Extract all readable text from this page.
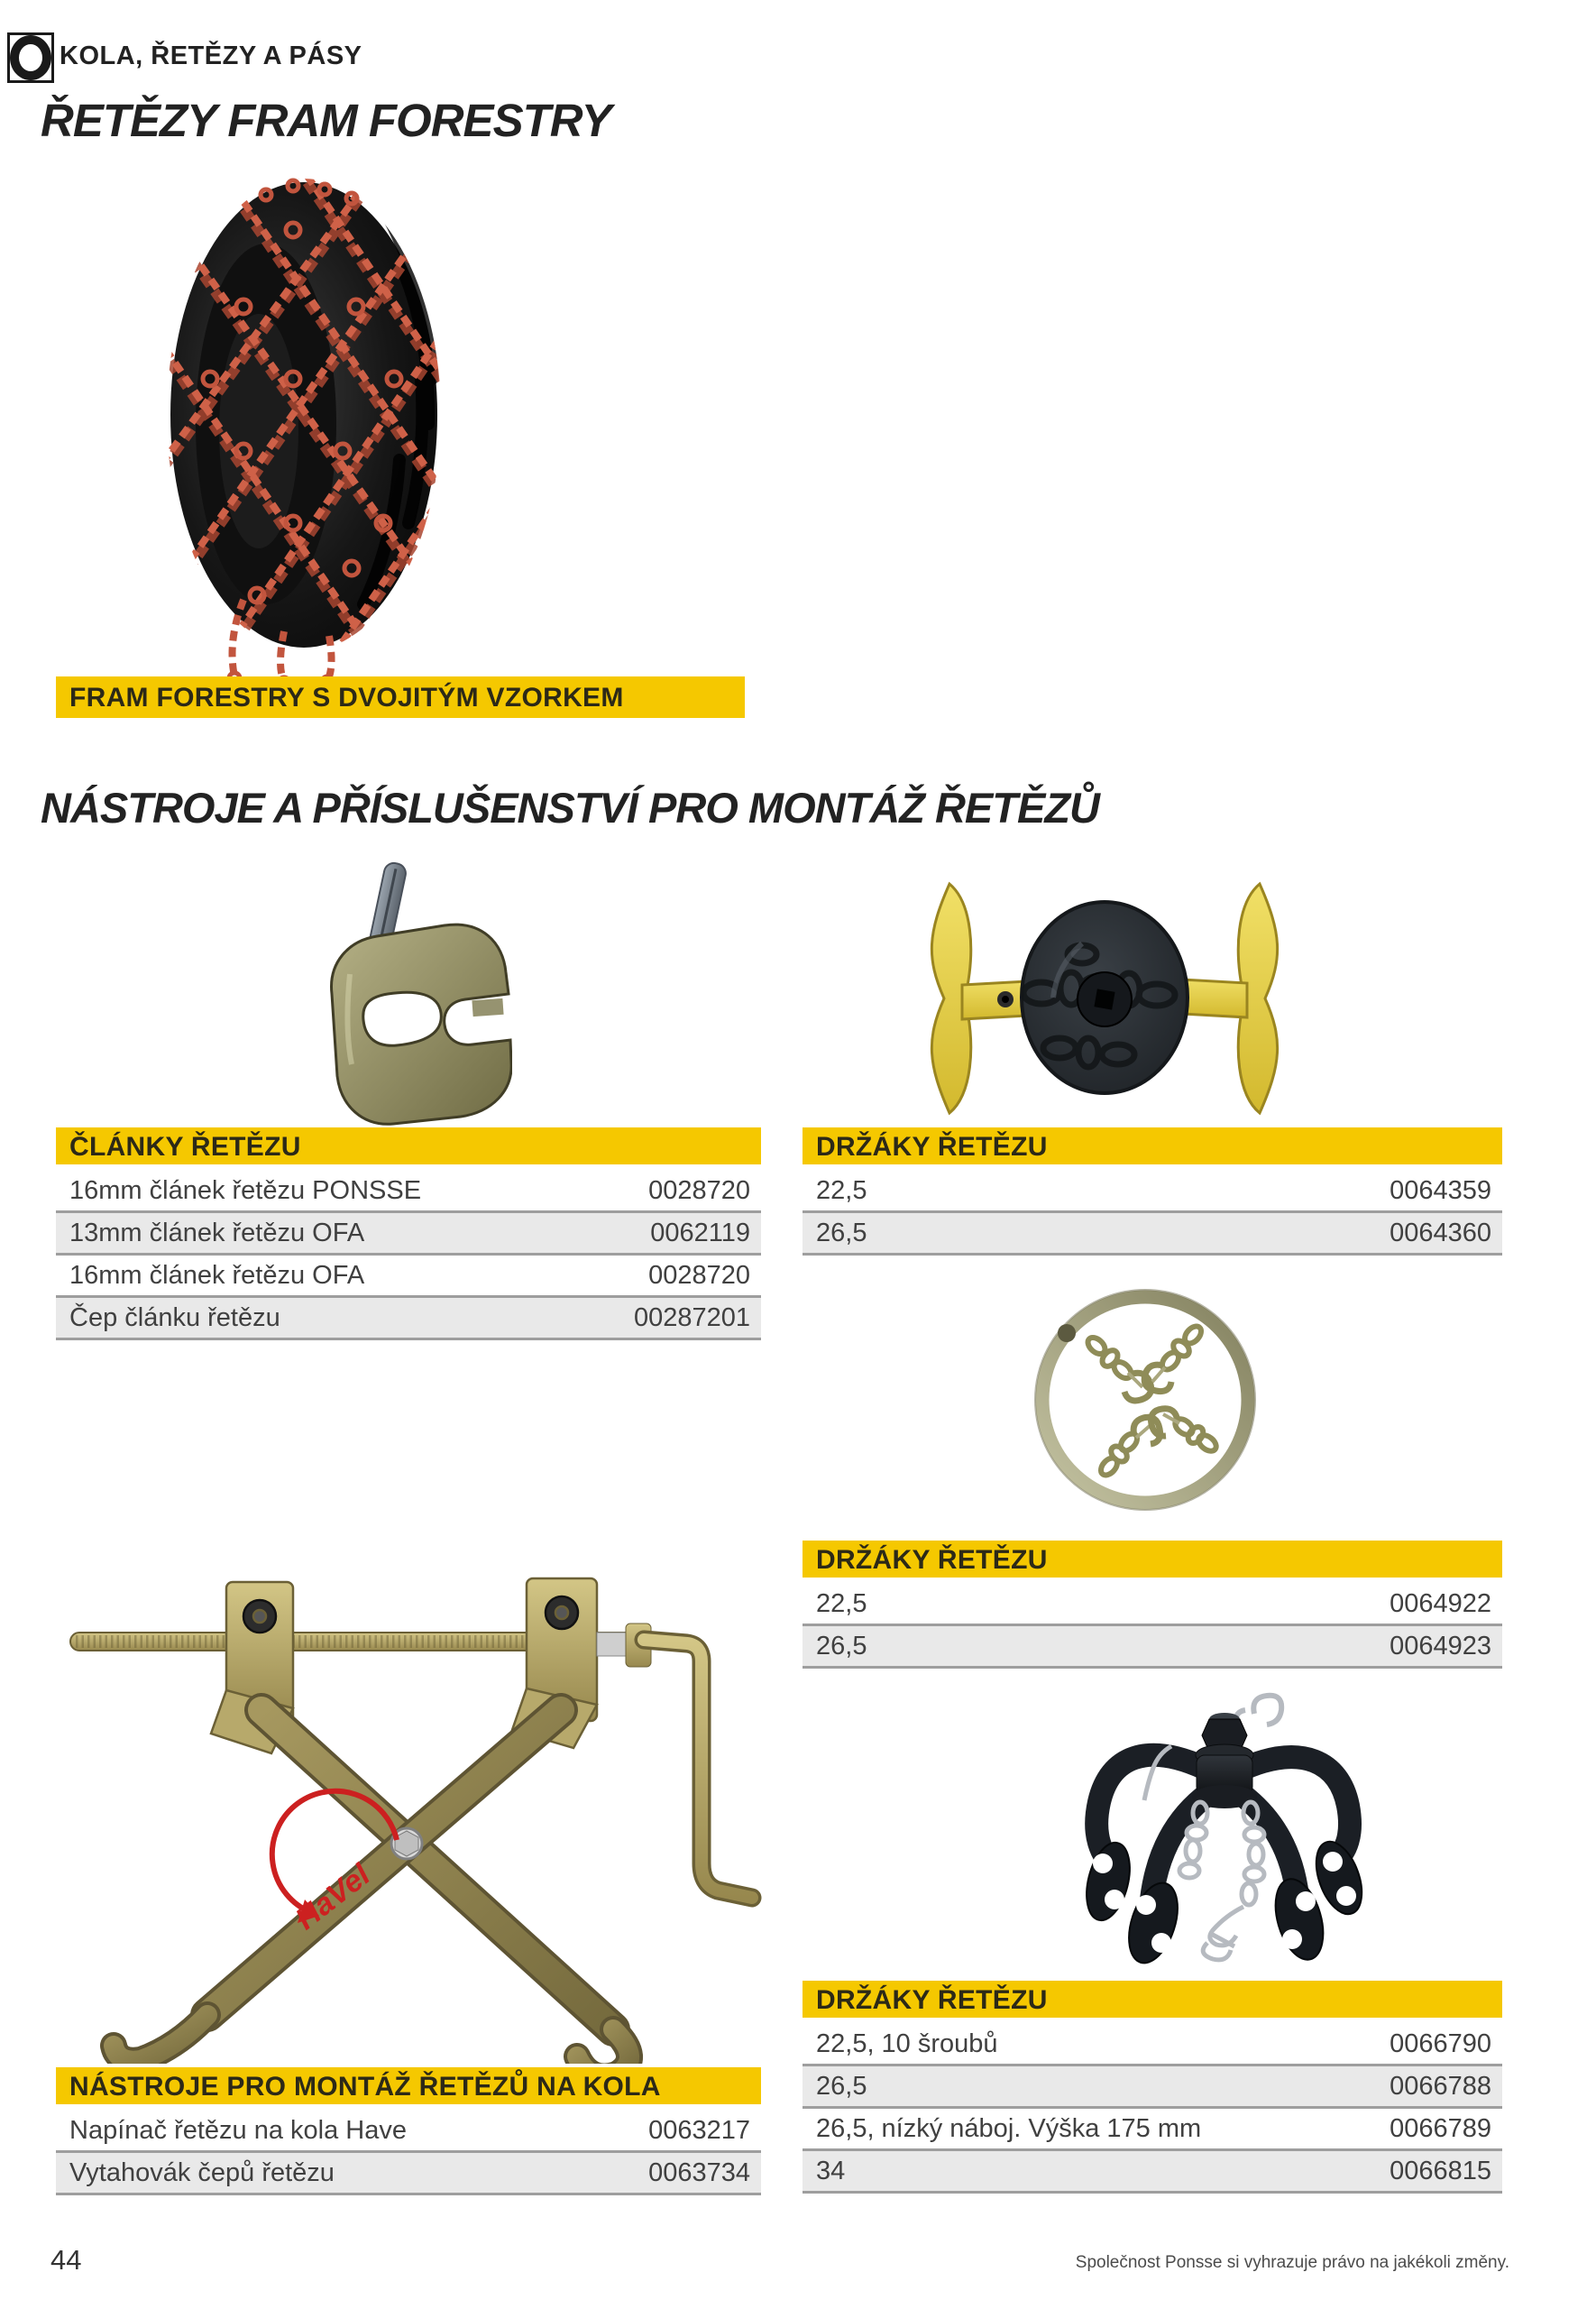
KOLA, ŘETĚZY A PÁSY
ŘETĚZY FRAM FORESTRY
FRAM FORESTRY S DVOJITÝM VZORKEM
NÁSTROJE A PŘÍSLUŠENSTVÍ PRO MONTÁŽ ŘETĚZŮ
ČLÁNKY ŘETĚZU
16mm článek řetězu PONSSE	0028720
13mm článek řetězu OFA	0062119
16mm článek řetězu OFA	0028720
Čep článku řetězu	00287201
DRŽÁKY ŘETĚZU
22,5	0064359
26,5	0064360
DRŽÁKY ŘETĚZU
22,5	0064922
26,5	0064923
HaVel
DRŽÁKY ŘETĚZU
22,5, 10 šroubů	0066790
26,5	0066788
26,5, nízký náboj. Výška 175 mm	0066789
34	0066815
NÁSTROJE PRO MONTÁŽ ŘETĚZŮ NA KOLA
Napínač řetězu na kola Have	0063217
Vytahovák čepů řetězu	0063734
44	Společnost Ponsse si vyhrazuje právo na jakékoli změny.
